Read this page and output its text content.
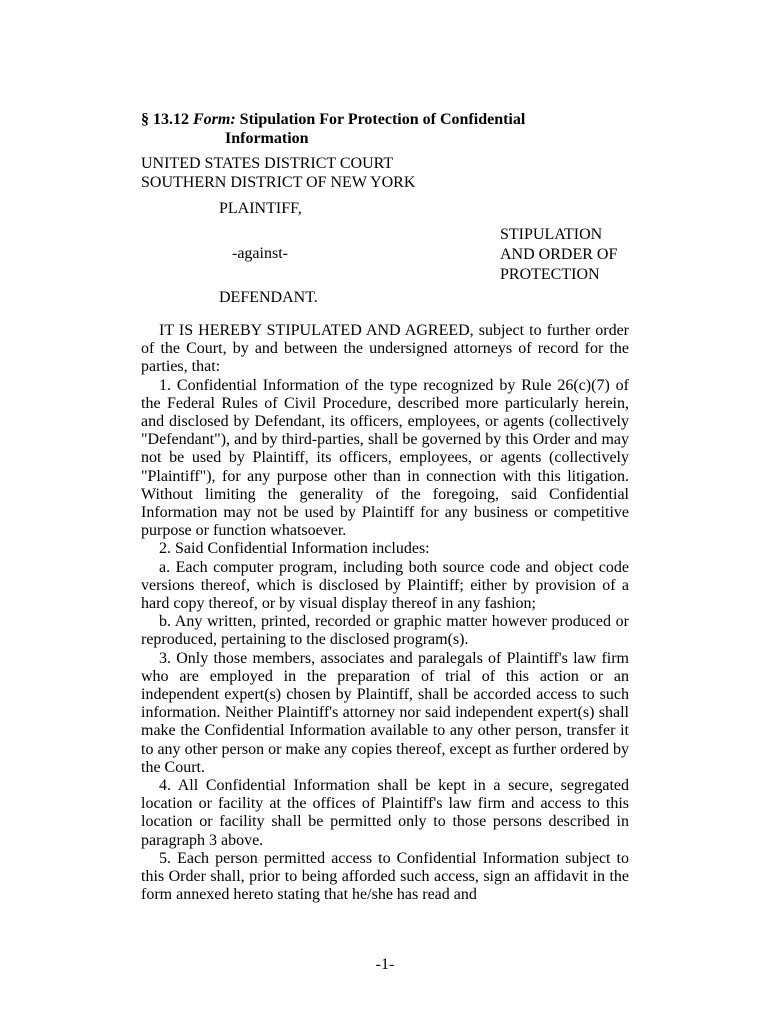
§ 13.12 Form: Stipulation For Protection of Confidential
Information
UNITED STATES DISTRICT COURT
SOUTHERN DISTRICT OF NEW YORK
PLAINTIFF,
-against-
STIPULATION
AND ORDER OF
PROTECTION
DEFENDANT.

IT IS HEREBY STIPULATED AND AGREED, subject to further order of the Court, by and between the undersigned attorneys of record for the parties, that:

1. Confidential Information of the type recognized by Rule 26(c)(7) of the Federal Rules of Civil Procedure, described more particularly herein, and disclosed by Defendant, its officers, employees, or agents (collectively "Defendant"), and by third-parties, shall be governed by this Order and may not be used by Plaintiff, its officers, employees, or agents (collectively "Plaintiff"), for any purpose other than in connection with this litigation. Without limiting the generality of the foregoing, said Confidential Information may not be used by Plaintiff for any business or competitive purpose or function whatsoever.

2. Said Confidential Information includes:

a. Each computer program, including both source code and object code versions thereof, which is disclosed by Plaintiff; either by provision of a hard copy thereof, or by visual display thereof in any fashion;

b. Any written, printed, recorded or graphic matter however produced or reproduced, pertaining to the disclosed program(s).

3. Only those members, associates and paralegals of Plaintiff's law firm who are employed in the preparation of trial of this action or an independent expert(s) chosen by Plaintiff, shall be accorded access to such information. Neither Plaintiff's attorney nor said independent expert(s) shall make the Confidential Information available to any other person, transfer it to any other person or make any copies thereof, except as further ordered by the Court.

4. All Confidential Information shall be kept in a secure, segregated location or facility at the offices of Plaintiff's law firm and access to this location or facility shall be permitted only to those persons described in paragraph 3 above.

5. Each person permitted access to Confidential Information subject to this Order shall, prior to being afforded such access, sign an affidavit in the form annexed hereto stating that he/she has read and

-1-
